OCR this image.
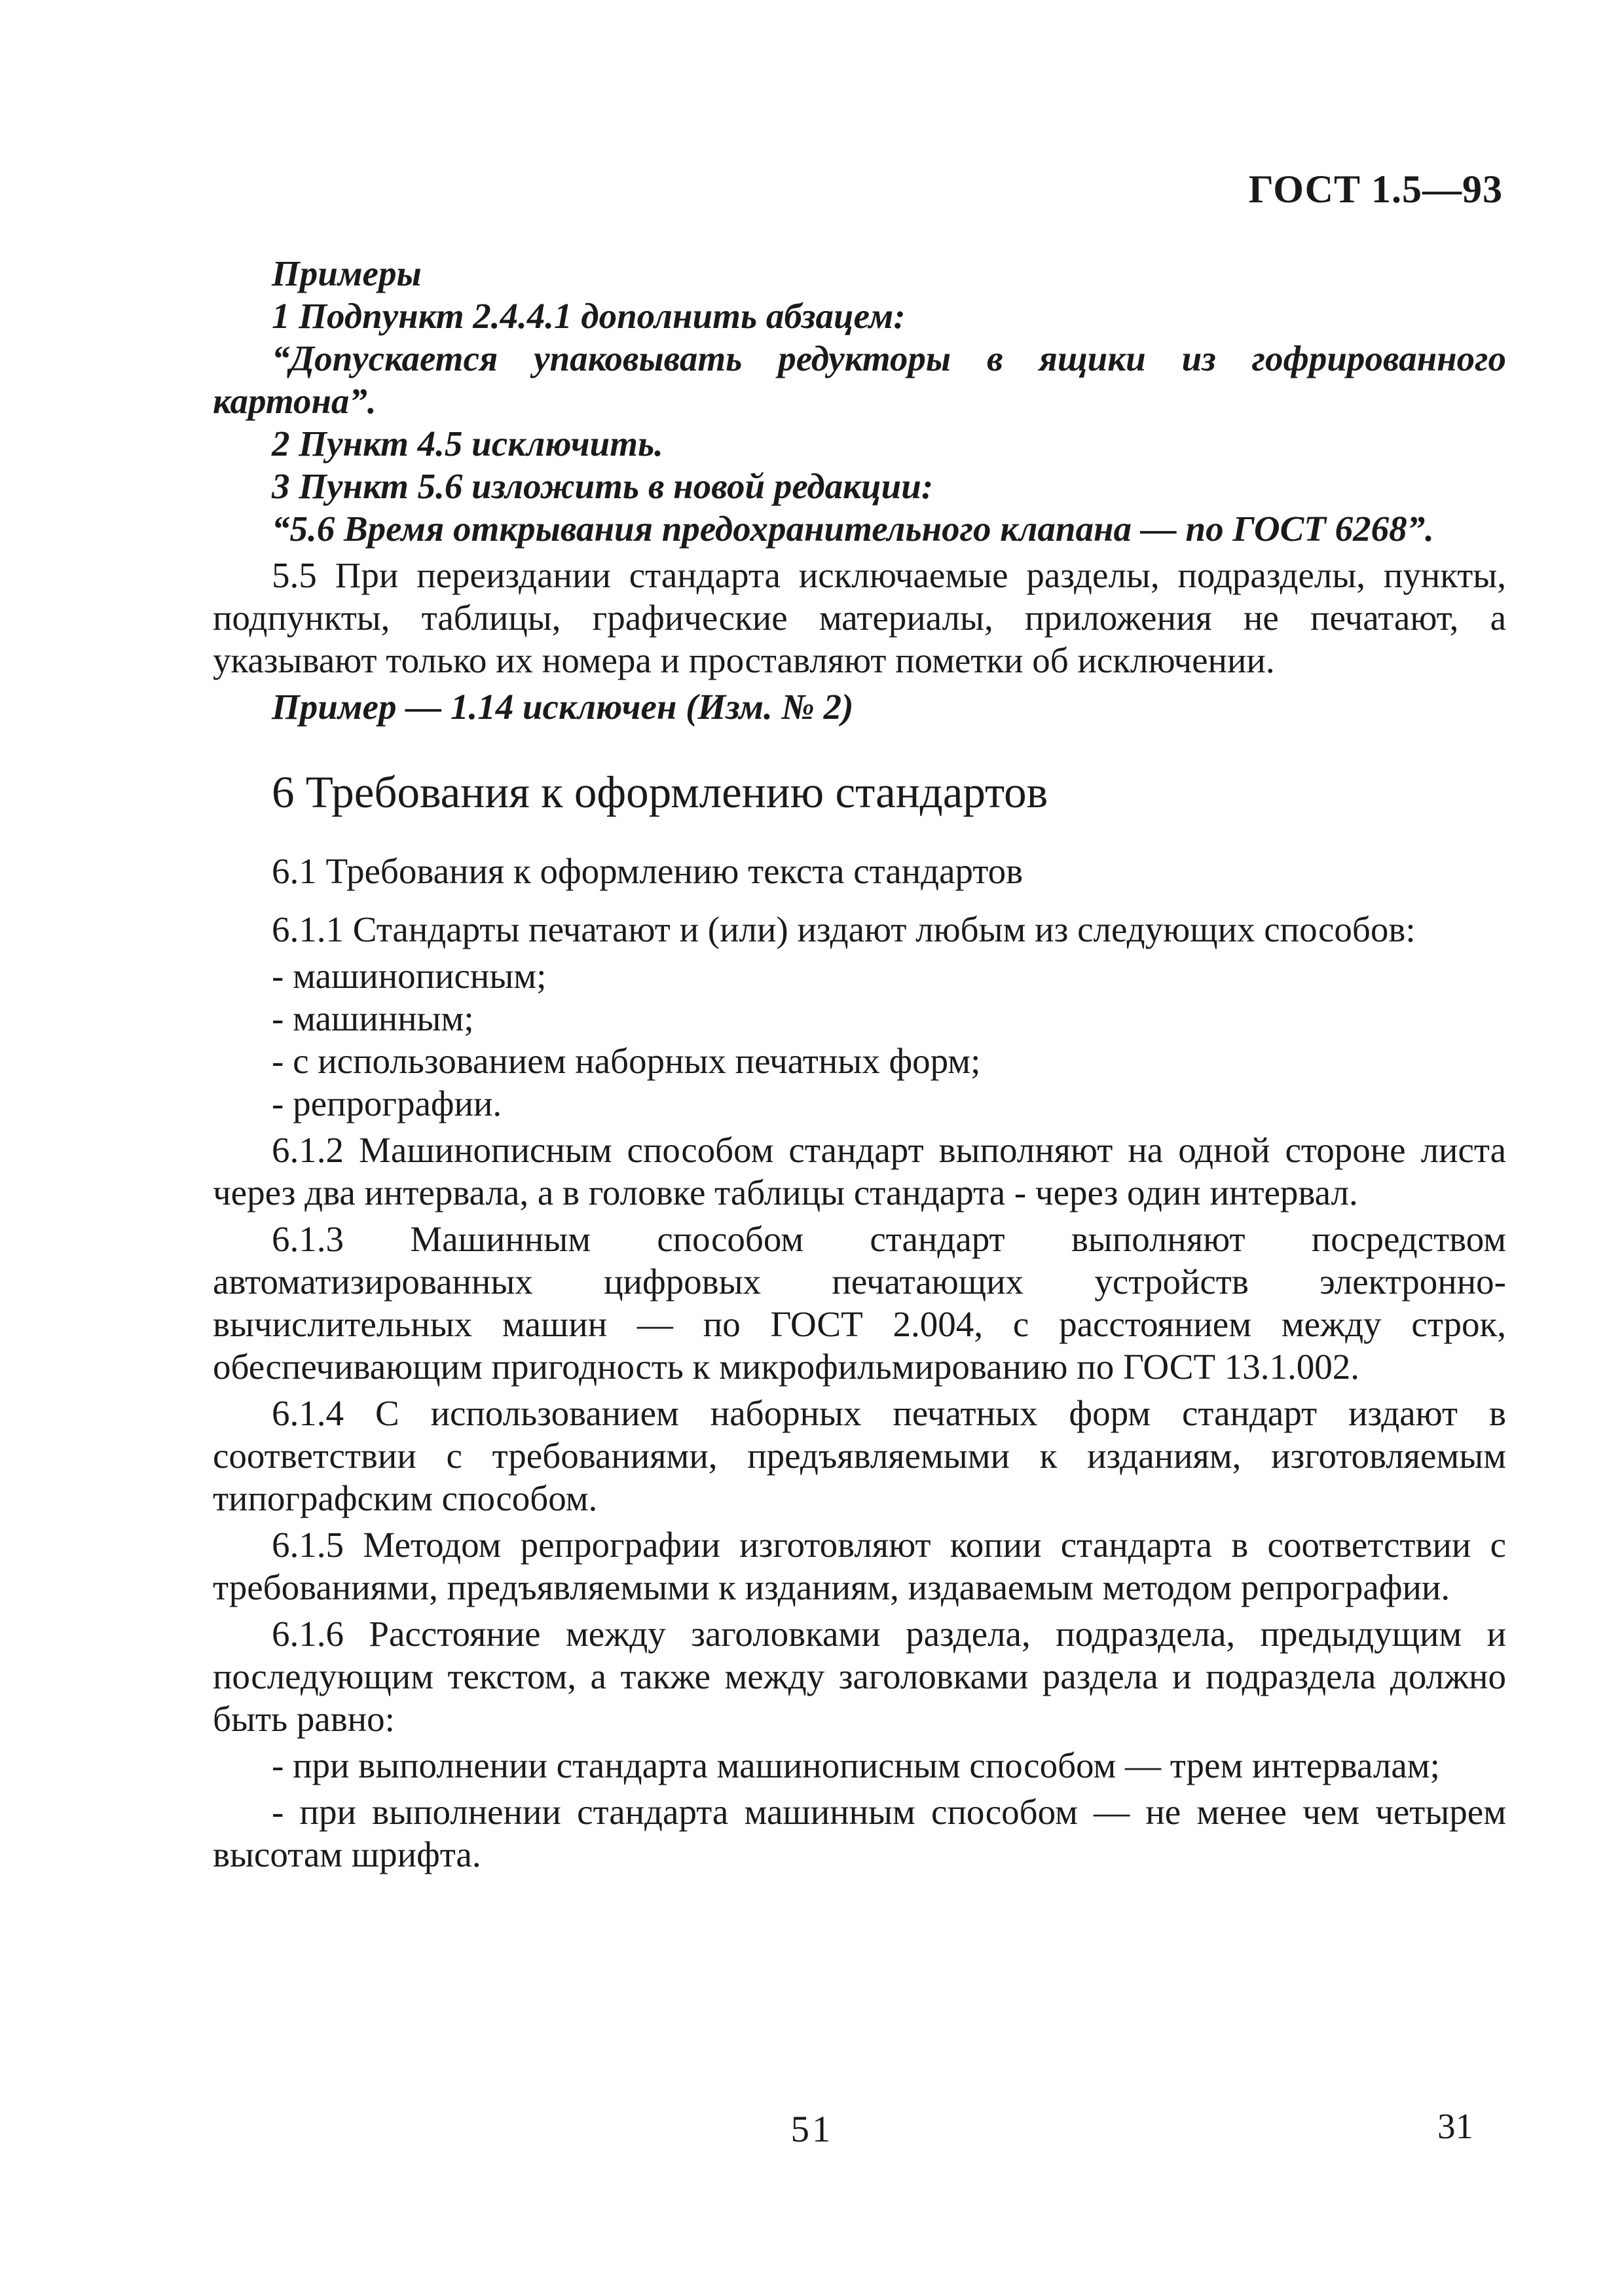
ГОСТ 1.5—93

Примеры

1 Подпункт 2.4.4.1 дополнить абзацем:

“Допускается упаковывать редукторы в ящики из гофрированного картона”.

2 Пункт 4.5 исключить.

3 Пункт 5.6 изложить в новой редакции:

“5.6 Время открывания предохранительного клапана — по ГОСТ 6268”.

5.5 При переиздании стандарта исключаемые разделы, подразделы, пункты, подпункты, таблицы, графические материалы, приложения не печатают, а указывают только их номера и проставляют пометки об исключении.

Пример — 1.14 исключен (Изм. № 2)

6 Требования к оформлению стандартов
6.1 Требования к оформлению текста стандартов

6.1.1 Стандарты печатают и (или) издают любым из следующих способов:

- машинописным;
- машинным;
- с использованием наборных печатных форм;
- репрографии.

6.1.2 Машинописным способом стандарт выполняют на одной стороне листа через два интервала, а в головке таблицы стандарта - через один интервал.

6.1.3 Машинным способом стандарт выполняют посредством автоматизированных цифровых печатающих устройств электронно-вычислительных машин — по ГОСТ 2.004, с расстоянием между строк, обеспечивающим пригодность к микрофильмированию по ГОСТ 13.1.002.

6.1.4 С использованием наборных печатных форм стандарт издают в соответствии с требованиями, предъявляемыми к изданиям, изготовляемым типографским способом.

6.1.5 Методом репрографии изготовляют копии стандарта в соответствии с требованиями, предъявляемыми к изданиям, издаваемым методом репрографии.

6.1.6 Расстояние между заголовками раздела, подраздела, предыдущим и последующим текстом, а также между заголовками раздела и подраздела должно быть равно:

- при выполнении стандарта машинописным способом — трем интервалам;

- при выполнении стандарта машинным способом — не менее чем четырем высотам шрифта.

51	31
